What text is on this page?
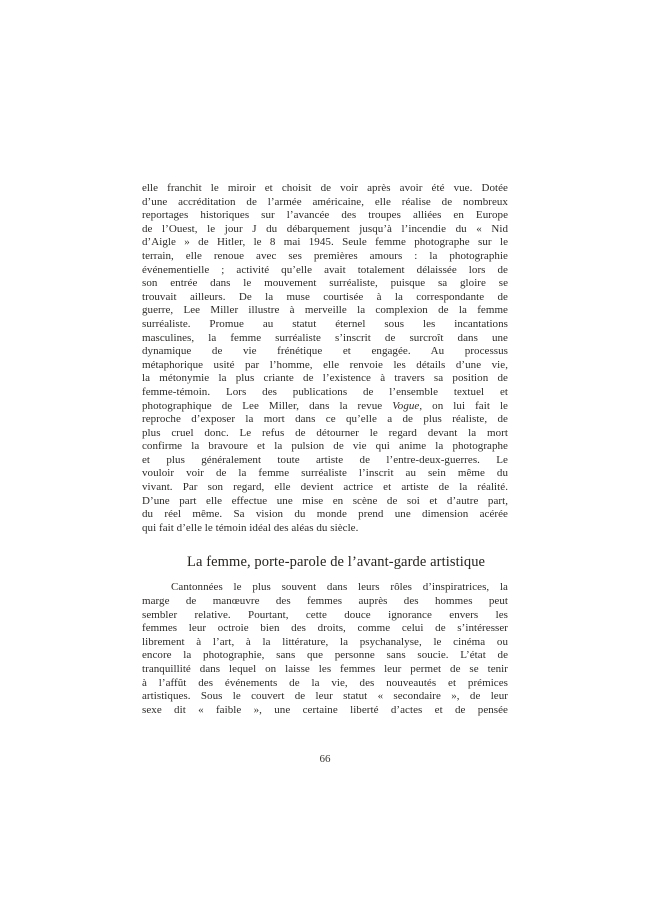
elle franchit le miroir et choisit de voir après avoir été vue. Dotée
d’une accréditation de l’armée américaine, elle réalise de nombreux
reportages historiques sur l’avancée des troupes alliées en Europe
de l’Ouest, le jour J du débarquement jusqu’à l’incendie du « Nid
d’Aigle » de Hitler, le 8 mai 1945. Seule femme photographe sur le
terrain, elle renoue avec ses premières amours : la photographie
événementielle ; activité qu’elle avait totalement délaissée lors de
son entrée dans le mouvement surréaliste, puisque sa gloire se
trouvait ailleurs. De la muse courtisée à la correspondante de
guerre, Lee Miller illustre à merveille la complexion de la femme
surréaliste. Promue au statut éternel sous les incantations
masculines, la femme surréaliste s’inscrit de surcroît dans une
dynamique de vie frénétique et engagée. Au processus
métaphorique usité par l’homme, elle renvoie les détails d’une vie,
la métonymie la plus criante de l’existence à travers sa position de
femme-témoin. Lors des publications de l’ensemble textuel et
photographique de Lee Miller, dans la revue Vogue, on lui fait le
reproche d’exposer la mort dans ce qu’elle a de plus réaliste, de
plus cruel donc. Le refus de détourner le regard devant la mort
confirme la bravoure et la pulsion de vie qui anime la photographe
et plus généralement toute artiste de l’entre-deux-guerres. Le
vouloir voir de la femme surréaliste l’inscrit au sein même du
vivant. Par son regard, elle devient actrice et artiste de la réalité.
D’une part elle effectue une mise en scène de soi et d’autre part,
du réel même. Sa vision du monde prend une dimension acérée
qui fait d’elle le témoin idéal des aléas du siècle.
La femme, porte-parole de l’avant-garde artistique
Cantonnées le plus souvent dans leurs rôles d’inspiratrices, la
marge de manœuvre des femmes auprès des hommes peut
sembler relative. Pourtant, cette douce ignorance envers les
femmes leur octroie bien des droits, comme celui de s’intéresser
librement à l’art, à la littérature, la psychanalyse, le cinéma ou
encore la photographie, sans que personne sans soucie. L’état de
tranquillité dans lequel on laisse les femmes leur permet de se tenir
à l’affût des événements de la vie, des nouveautés et prémices
artistiques. Sous le couvert de leur statut « secondaire », de leur
sexe dit « faible », une certaine liberté d’actes et de pensée
66
